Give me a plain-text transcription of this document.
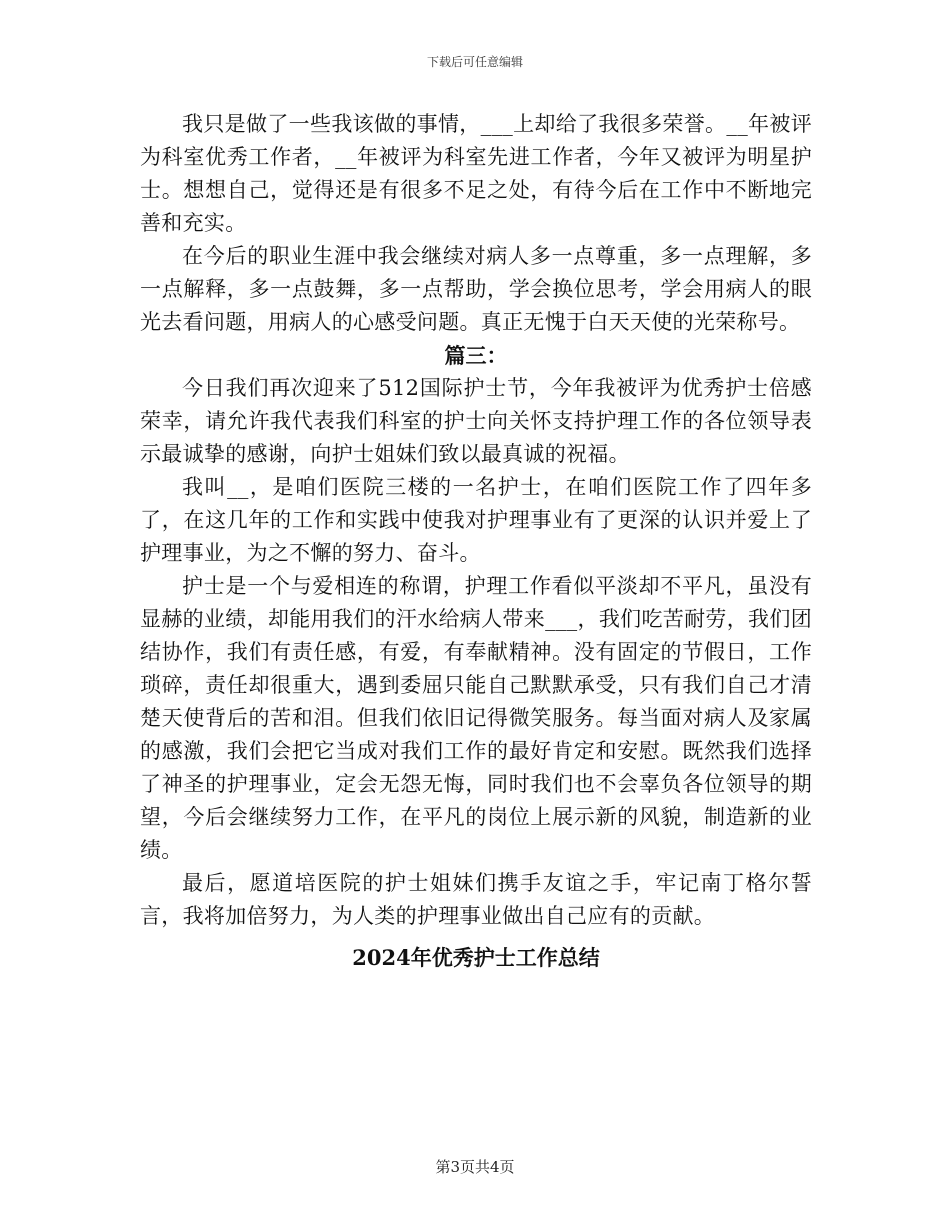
下载后可任意编辑

我只是做了一些我该做的事情，___上却给了我很多荣誉。__年被评为科室优秀工作者，__年被评为科室先进工作者，今年又被评为明星护士。想想自己，觉得还是有很多不足之处，有待今后在工作中不断地完善和充实。

在今后的职业生涯中我会继续对病人多一点尊重，多一点理解，多一点解释，多一点鼓舞，多一点帮助，学会换位思考，学会用病人的眼光去看问题，用病人的心感受问题。真正无愧于白天天使的光荣称号。

篇三：

今日我们再次迎来了512国际护士节，今年我被评为优秀护士倍感荣幸，请允许我代表我们科室的护士向关怀支持护理工作的各位领导表示最诚挚的感谢，向护士姐妹们致以最真诚的祝福。

我叫__，是咱们医院三楼的一名护士，在咱们医院工作了四年多了，在这几年的工作和实践中使我对护理事业有了更深的认识并爱上了护理事业，为之不懈的努力、奋斗。

护士是一个与爱相连的称谓，护理工作看似平淡却不平凡，虽没有显赫的业绩，却能用我们的汗水给病人带来___，我们吃苦耐劳，我们团结协作，我们有责任感，有爱，有奉献精神。没有固定的节假日，工作琐碎，责任却很重大，遇到委屈只能自己默默承受，只有我们自己才清楚天使背后的苦和泪。但我们依旧记得微笑服务。每当面对病人及家属的感激，我们会把它当成对我们工作的最好肯定和安慰。既然我们选择了神圣的护理事业，定会无怨无悔，同时我们也不会辜负各位领导的期望，今后会继续努力工作，在平凡的岗位上展示新的风貌，制造新的业绩。

最后，愿道培医院的护士姐妹们携手友谊之手，牢记南丁格尔誓言，我将加倍努力，为人类的护理事业做出自己应有的贡献。

2024年优秀护士工作总结

第3页共4页
